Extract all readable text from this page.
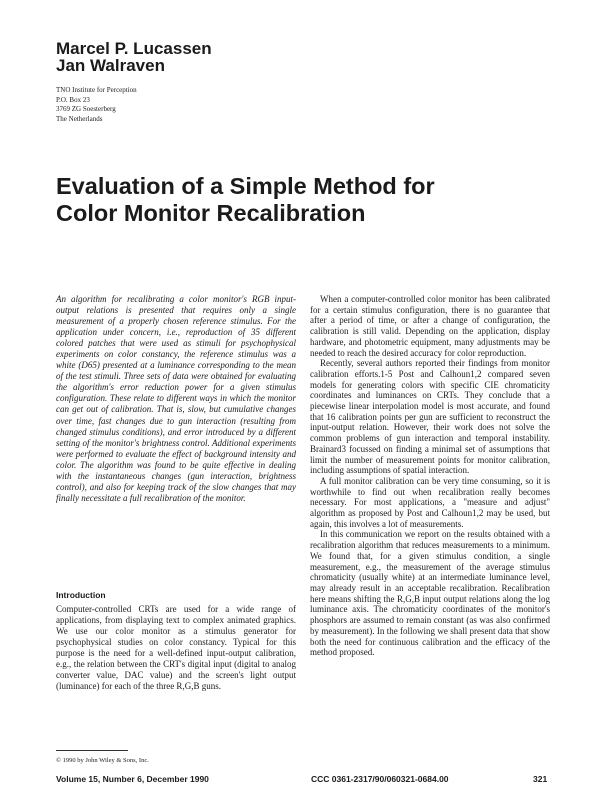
Marcel P. Lucassen
Jan Walraven
TNO Institute for Perception
P.O. Box 23
3769 ZG Soesterberg
The Netherlands
Evaluation of a Simple Method for
Color Monitor Recalibration

An algorithm for recalibrating a color monitor's RGB input-output relations is presented that requires only a single measurement of a properly chosen reference stimulus. For the application under concern, i.e., reproduction of 35 different colored patches that were used as stimuli for psychophysical experiments on color constancy, the reference stimulus was a white (D65) presented at a luminance corresponding to the mean of the test stimuli. Three sets of data were obtained for evaluating the algorithm's error reduction power for a given stimulus configuration. These relate to different ways in which the monitor can get out of calibration. That is, slow, but cumulative changes over time, fast changes due to gun interaction (resulting from changed stimulus conditions), and error introduced by a different setting of the monitor's brightness control. Additional experiments were performed to evaluate the effect of background intensity and color. The algorithm was found to be quite effective in dealing with the instantaneous changes (gun interaction, brightness control), and also for keeping track of the slow changes that may finally necessitate a full recalibration of the monitor.

Introduction

Computer-controlled CRTs are used for a wide range of applications, from displaying text to complex animated graphics. We use our color monitor as a stimulus generator for psychophysical studies on color constancy. Typical for this purpose is the need for a well-defined input-output calibration, e.g., the relation between the CRT's digital input (digital to analog converter value, DAC value) and the screen's light output (luminance) for each of the three R,G,B guns.

When a computer-controlled color monitor has been calibrated for a certain stimulus configuration, there is no guarantee that after a period of time, or after a change of configuration, the calibration is still valid. Depending on the application, display hardware, and photometric equipment, many adjustments may be needed to reach the desired accuracy for color reproduction.

Recently, several authors reported their findings from monitor calibration efforts.1-5 Post and Calhoun1,2 compared seven models for generating colors with specific CIE chromaticity coordinates and luminances on CRTs. They conclude that a piecewise linear interpolation model is most accurate, and found that 16 calibration points per gun are sufficient to reconstruct the input-output relation. However, their work does not solve the common problems of gun interaction and temporal instability. Brainard3 focussed on finding a minimal set of assumptions that limit the number of measurement points for monitor calibration, including assumptions of spatial interaction.

A full monitor calibration can be very time consuming, so it is worthwhile to find out when recalibration really becomes necessary. For most applications, a "measure and adjust" algorithm as proposed by Post and Calhoun1,2 may be used, but again, this involves a lot of measurements.

In this communication we report on the results obtained with a recalibration algorithm that reduces measurements to a minimum. We found that, for a given stimulus condition, a single measurement, e.g., the measurement of the average stimulus chromaticity (usually white) at an intermediate luminance level, may already result in an acceptable recalibration. Recalibration here means shifting the R,G,B input output relations along the log luminance axis. The chromaticity coordinates of the monitor's phosphors are assumed to remain constant (as was also confirmed by measurement). In the following we shall present data that show both the need for continuous calibration and the efficacy of the method proposed.

© 1990 by John Wiley & Sons, Inc.
Volume 15, Number 6, December 1990	CCC 0361-2317/90/060321-0684.00	321
